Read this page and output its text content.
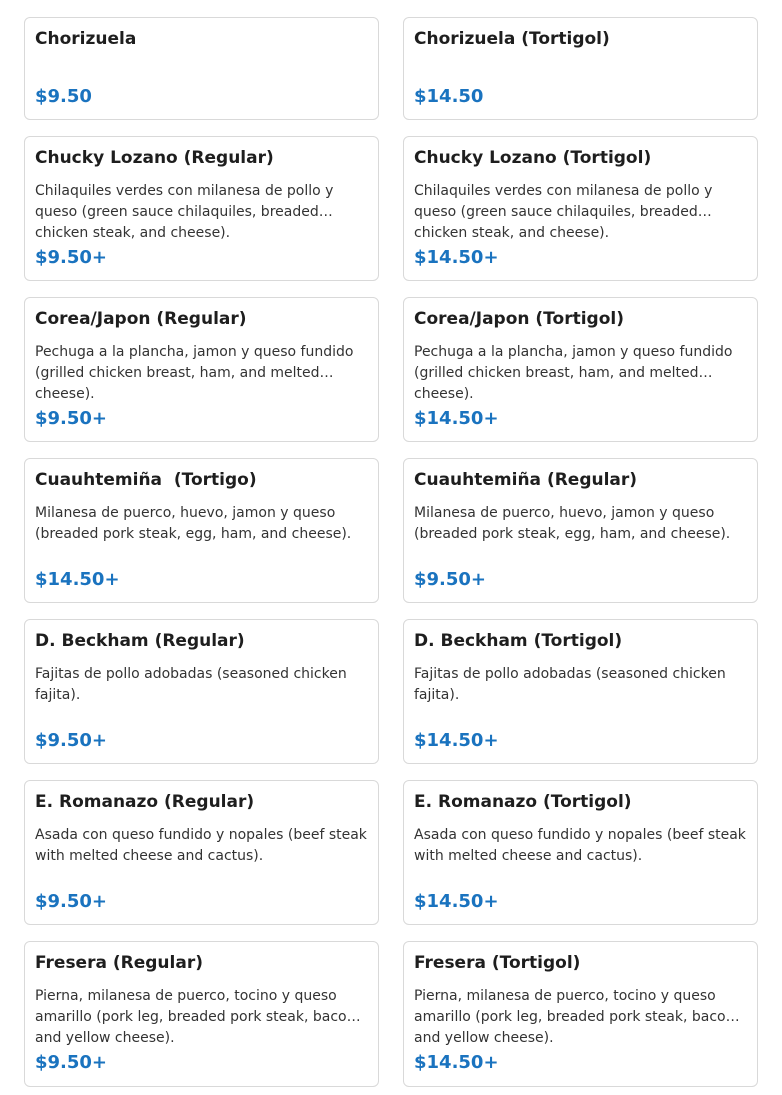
Chorizuela
$9.50
Chorizuela (Tortigol)
$14.50
Chucky Lozano (Regular)
Chilaquiles verdes con milanesa de pollo y queso (green sauce chilaquiles, breaded chicken steak, and cheese).
$9.50+
Chucky Lozano (Tortigol)
Chilaquiles verdes con milanesa de pollo y queso (green sauce chilaquiles, breaded chicken steak, and cheese).
$14.50+
Corea/Japon (Regular)
Pechuga a la plancha, jamon y queso fundido (grilled chicken breast, ham, and melted cheese).
$9.50+
Corea/Japon (Tortigol)
Pechuga a la plancha, jamon y queso fundido (grilled chicken breast, ham, and melted cheese).
$14.50+
Cuauhtemiña  (Tortigo)
Milanesa de puerco, huevo, jamon y queso (breaded pork steak, egg, ham, and cheese).
$14.50+
Cuauhtemiña (Regular)
Milanesa de puerco, huevo, jamon y queso (breaded pork steak, egg, ham, and cheese).
$9.50+
D. Beckham (Regular)
Fajitas de pollo adobadas (seasoned chicken fajita).
$9.50+
D. Beckham (Tortigol)
Fajitas de pollo adobadas (seasoned chicken fajita).
$14.50+
E. Romanazo (Regular)
Asada con queso fundido y nopales (beef steak with melted cheese and cactus).
$9.50+
E. Romanazo (Tortigol)
Asada con queso fundido y nopales (beef steak with melted cheese and cactus).
$14.50+
Fresera (Regular)
Pierna, milanesa de puerco, tocino y queso amarillo (pork leg, breaded pork steak, bacon, and yellow cheese).
$9.50+
Fresera (Tortigol)
Pierna, milanesa de puerco, tocino y queso amarillo (pork leg, breaded pork steak, bacon, and yellow cheese).
$14.50+
